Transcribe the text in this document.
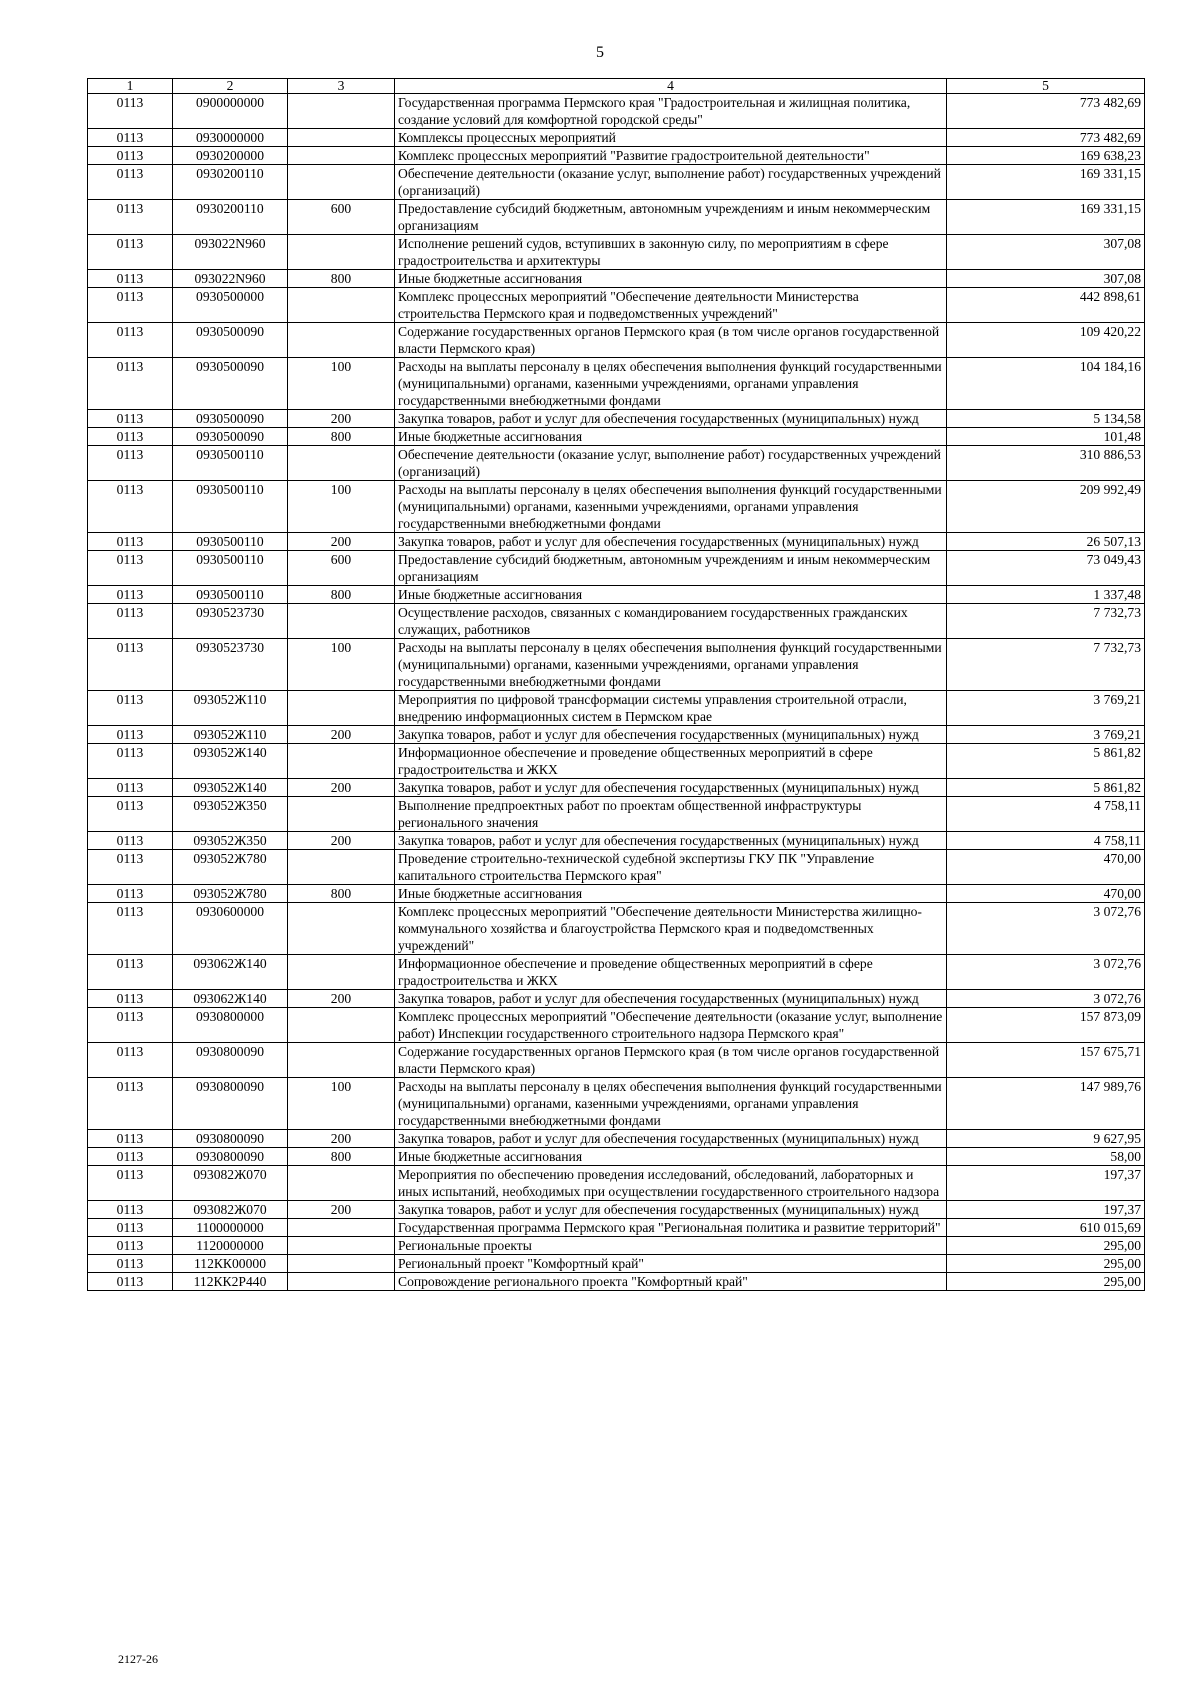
5
1	2	3	4	5
0113	0900000000		Государственная программа Пермского края "Градостроительная и жилищная политика, создание условий для комфортной городской среды"	773 482,69
0113	0930000000		Комплексы процессных мероприятий	773 482,69
0113	0930200000		Комплекс процессных мероприятий "Развитие градостроительной деятельности"	169 638,23
0113	0930200110		Обеспечение деятельности (оказание услуг, выполнение работ) государственных учреждений (организаций)	169 331,15
0113	0930200110	600	Предоставление субсидий бюджетным, автономным учреждениям и иным некоммерческим организациям	169 331,15
0113	093022N960		Исполнение решений судов, вступивших в законную силу, по мероприятиям в сфере градостроительства и архитектуры	307,08
0113	093022N960	800	Иные бюджетные ассигнования	307,08
0113	0930500000		Комплекс процессных мероприятий "Обеспечение деятельности Министерства строительства Пермского края и подведомственных учреждений"	442 898,61
0113	0930500090		Содержание государственных органов Пермского края (в том числе органов государственной власти Пермского края)	109 420,22
0113	0930500090	100	Расходы на выплаты персоналу в целях обеспечения выполнения функций государственными (муниципальными) органами, казенными учреждениями, органами управления государственными внебюджетными фондами	104 184,16
0113	0930500090	200	Закупка товаров, работ и услуг для обеспечения государственных (муниципальных) нужд	5 134,58
0113	0930500090	800	Иные бюджетные ассигнования	101,48
0113	0930500110		Обеспечение деятельности (оказание услуг, выполнение работ) государственных учреждений (организаций)	310 886,53
0113	0930500110	100	Расходы на выплаты персоналу в целях обеспечения выполнения функций государственными (муниципальными) органами, казенными учреждениями, органами управления государственными внебюджетными фондами	209 992,49
0113	0930500110	200	Закупка товаров, работ и услуг для обеспечения государственных (муниципальных) нужд	26 507,13
0113	0930500110	600	Предоставление субсидий бюджетным, автономным учреждениям и иным некоммерческим организациям	73 049,43
0113	0930500110	800	Иные бюджетные ассигнования	1 337,48
0113	0930523730		Осуществление расходов, связанных с командированием государственных гражданских служащих, работников	7 732,73
0113	0930523730	100	Расходы на выплаты персоналу в целях обеспечения выполнения функций государственными (муниципальными) органами, казенными учреждениями, органами управления государственными внебюджетными фондами	7 732,73
0113	093052Ж110		Мероприятия по цифровой трансформации системы управления строительной отрасли, внедрению информационных систем в Пермском крае	3 769,21
0113	093052Ж110	200	Закупка товаров, работ и услуг для обеспечения государственных (муниципальных) нужд	3 769,21
0113	093052Ж140		Информационное обеспечение и проведение общественных мероприятий в сфере градостроительства и ЖКХ	5 861,82
0113	093052Ж140	200	Закупка товаров, работ и услуг для обеспечения государственных (муниципальных) нужд	5 861,82
0113	093052Ж350		Выполнение предпроектных работ по проектам общественной инфраструктуры регионального значения	4 758,11
0113	093052Ж350	200	Закупка товаров, работ и услуг для обеспечения государственных (муниципальных) нужд	4 758,11
0113	093052Ж780		Проведение строительно-технической судебной экспертизы ГКУ ПК "Управление капитального строительства Пермского края"	470,00
0113	093052Ж780	800	Иные бюджетные ассигнования	470,00
0113	0930600000		Комплекс процессных мероприятий "Обеспечение деятельности Министерства жилищно-коммунального хозяйства и благоустройства Пермского края и подведомственных учреждений"	3 072,76
0113	093062Ж140		Информационное обеспечение и проведение общественных мероприятий в сфере градостроительства и ЖКХ	3 072,76
0113	093062Ж140	200	Закупка товаров, работ и услуг для обеспечения государственных (муниципальных) нужд	3 072,76
0113	0930800000		Комплекс процессных мероприятий "Обеспечение деятельности (оказание услуг, выполнение работ) Инспекции государственного строительного надзора Пермского края"	157 873,09
0113	0930800090		Содержание государственных органов Пермского края (в том числе органов государственной власти Пермского края)	157 675,71
0113	0930800090	100	Расходы на выплаты персоналу в целях обеспечения выполнения функций государственными (муниципальными) органами, казенными учреждениями, органами управления государственными внебюджетными фондами	147 989,76
0113	0930800090	200	Закупка товаров, работ и услуг для обеспечения государственных (муниципальных) нужд	9 627,95
0113	0930800090	800	Иные бюджетные ассигнования	58,00
0113	093082Ж070		Мероприятия по обеспечению проведения исследований, обследований, лабораторных и иных испытаний, необходимых при осуществлении государственного строительного надзора	197,37
0113	093082Ж070	200	Закупка товаров, работ и услуг для обеспечения государственных (муниципальных) нужд	197,37
0113	1100000000		Государственная программа Пермского края "Региональная политика и развитие территорий"	610 015,69
0113	1120000000		Региональные проекты	295,00
0113	112КК00000		Региональный проект "Комфортный край"	295,00
0113	112КК2Р440		Сопровождение регионального проекта "Комфортный край"	295,00
2127-26
